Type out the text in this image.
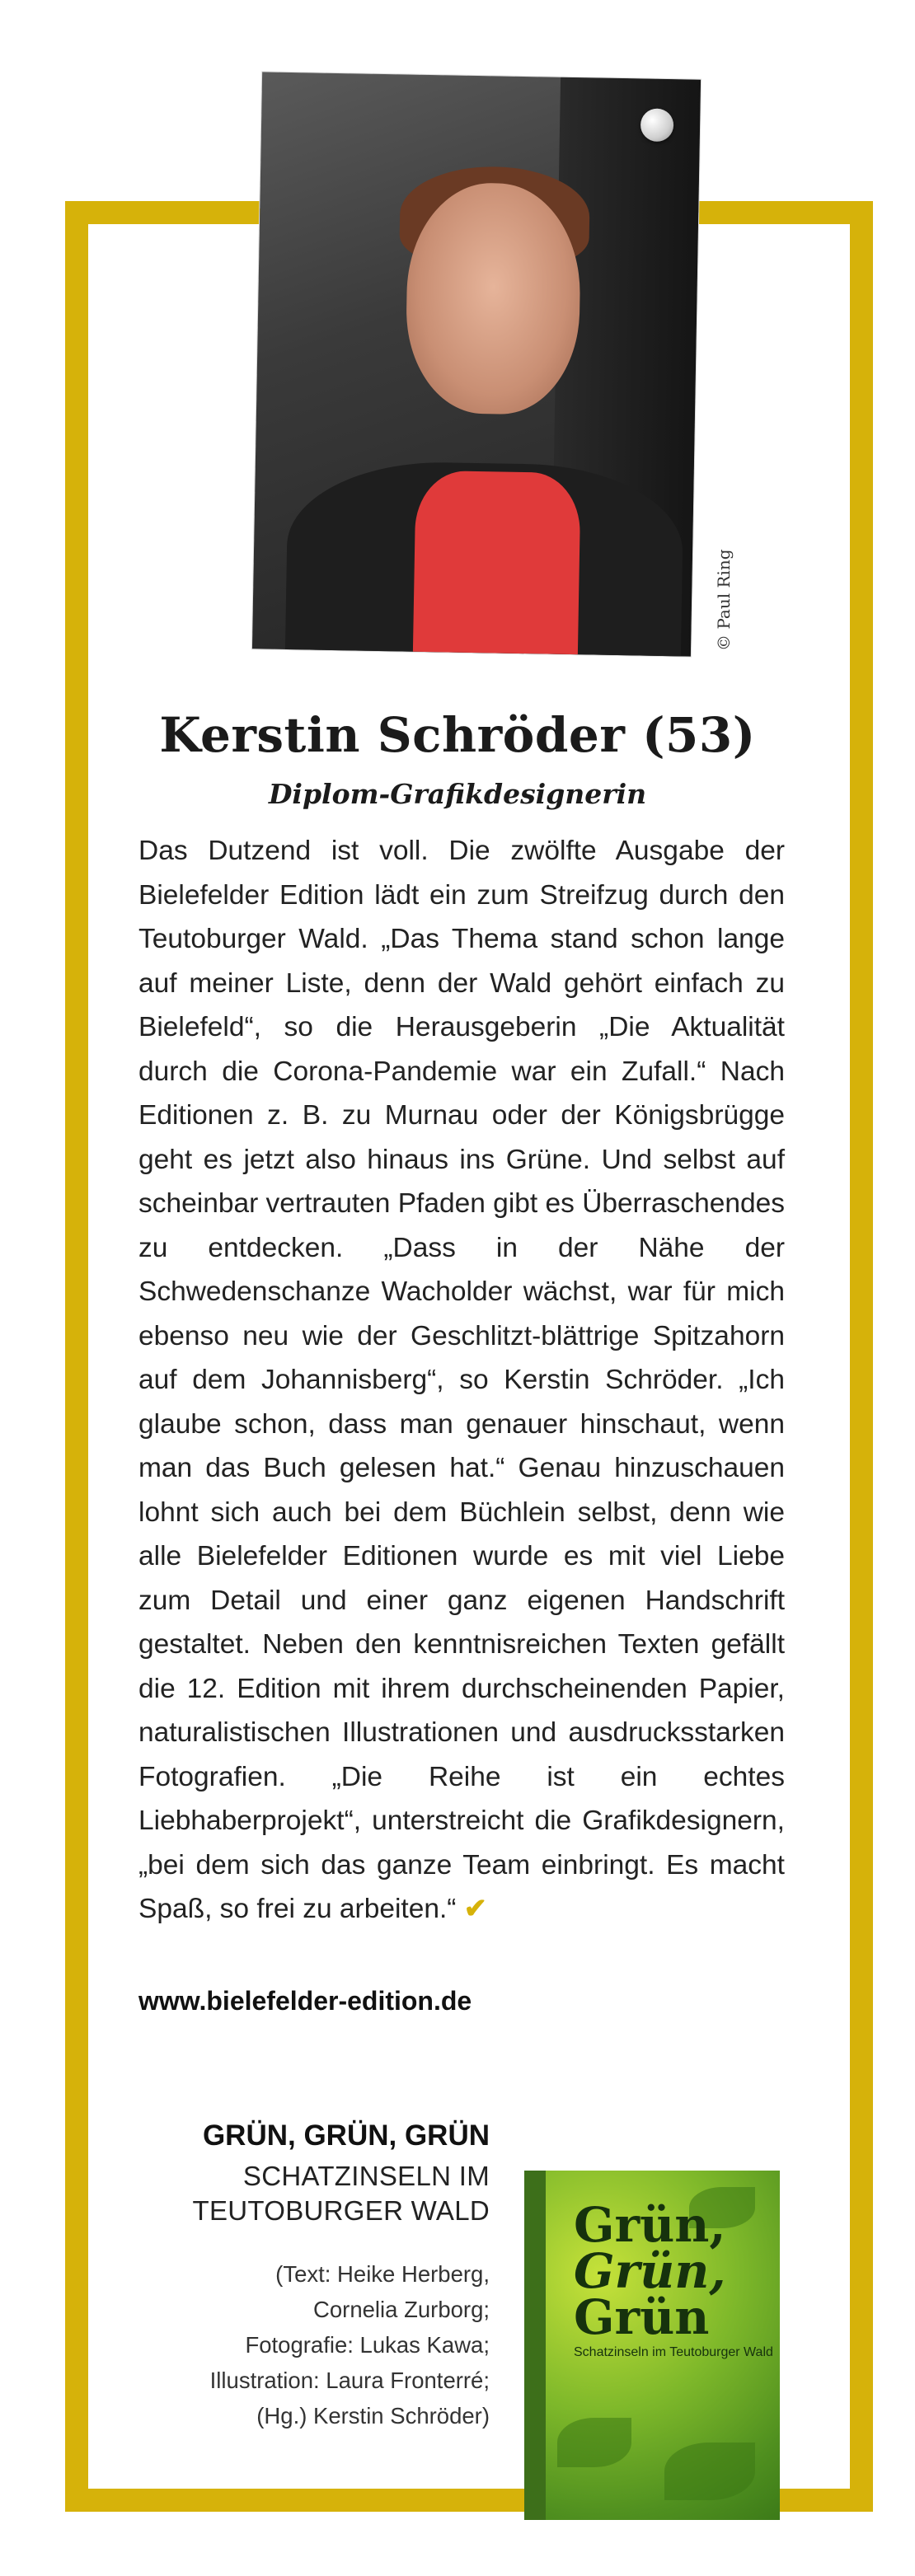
© Paul Ring
Kerstin Schröder (53)
Diplom-Grafikdesignerin
Das Dutzend ist voll. Die zwölfte Ausgabe der Bielefelder Edition lädt ein zum Streifzug durch den Teutoburger Wald. „Das Thema stand schon lange auf meiner Liste, denn der Wald gehört einfach zu Bielefeld“, so die Herausgeberin „Die Aktualität durch die Corona-Pandemie war ein Zufall.“ Nach Editionen z. B. zu Murnau oder der Königsbrügge geht es jetzt also hinaus ins Grüne. Und selbst auf scheinbar vertrauten Pfaden gibt es Überraschendes zu entdecken. „Dass in der Nähe der Schwedenschanze Wacholder wächst, war für mich ebenso neu wie der Geschlitzt-blättrige Spitzahorn auf dem Johannisberg“, so Kerstin Schröder. „Ich glaube schon, dass man genauer hinschaut, wenn man das Buch gelesen hat.“ Genau hinzuschauen lohnt sich auch bei dem Büchlein selbst, denn wie alle Bielefelder Editionen wurde es mit viel Liebe zum Detail und einer ganz eigenen Handschrift gestaltet. Neben den kenntnisreichen Texten gefällt die 12. Edition mit ihrem durchscheinenden Papier, naturalistischen Illustrationen und ausdrucksstarken Fotografien. „Die Reihe ist ein echtes Liebhaberprojekt“, unterstreicht die Grafikdesignern, „bei dem sich das ganze Team einbringt. Es macht Spaß, so frei zu arbeiten.“ ✔
www.bielefelder-edition.de
GRÜN, GRÜN, GRÜN
SCHATZINSELN IM
TEUTOBURGER WALD
(Text: Heike Herberg,
Cornelia Zurborg;
Fotografie: Lukas Kawa;
Illustration: Laura Fronterré;
(Hg.) Kerstin Schröder)
Grün,
Grün,
Grün
Schatzinseln im Teutoburger Wald
